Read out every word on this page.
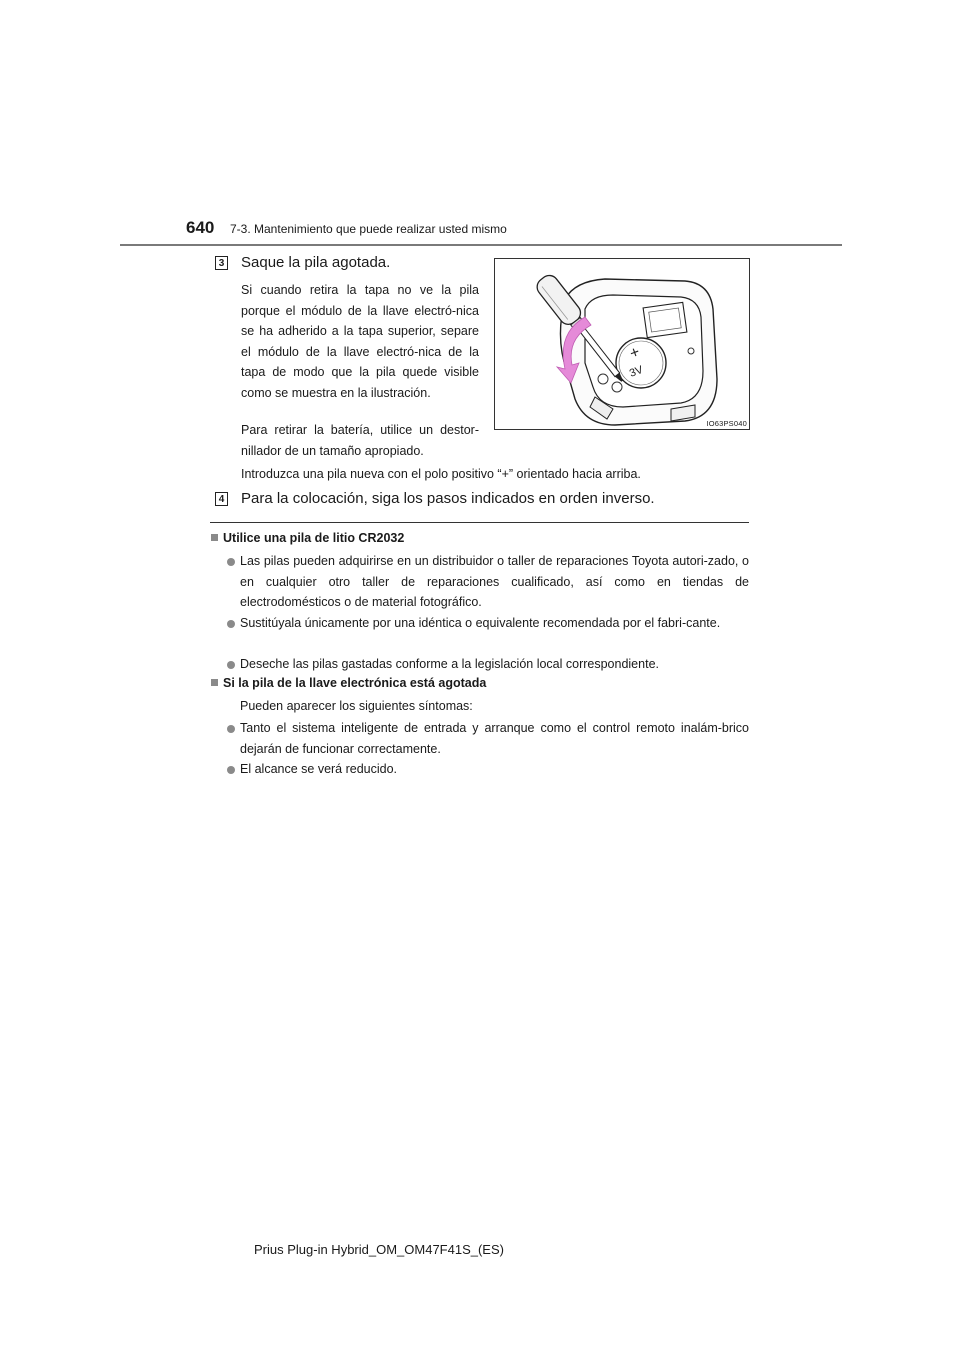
640 7-3. Mantenimiento que puede realizar usted mismo
3 Saque la pila agotada.
Si cuando retira la tapa no ve la pila porque el módulo de la llave electró-nica se ha adherido a la tapa superior, separe el módulo de la llave electró-nica de la tapa de modo que la pila quede visible como se muestra en la ilustración.
Para retirar la batería, utilice un destor-nillador de un tamaño apropiado.
Introduzca una pila nueva con el polo positivo “+” orientado hacia arriba.
+
3V
IO63PS040
4 Para la colocación, siga los pasos indicados en orden inverso.
Utilice una pila de litio CR2032
Las pilas pueden adquirirse en un distribuidor o taller de reparaciones Toyota autori-zado, o en cualquier otro taller de reparaciones cualificado, así como en tiendas de electrodomésticos o de material fotográfico.
Sustitúyala únicamente por una idéntica o equivalente recomendada por el fabri-cante.
Deseche las pilas gastadas conforme a la legislación local correspondiente.
Si la pila de la llave electrónica está agotada
Pueden aparecer los siguientes síntomas:
Tanto el sistema inteligente de entrada y arranque como el control remoto inalám-brico dejarán de funcionar correctamente.
El alcance se verá reducido.
Prius Plug-in Hybrid_OM_OM47F41S_(ES)
